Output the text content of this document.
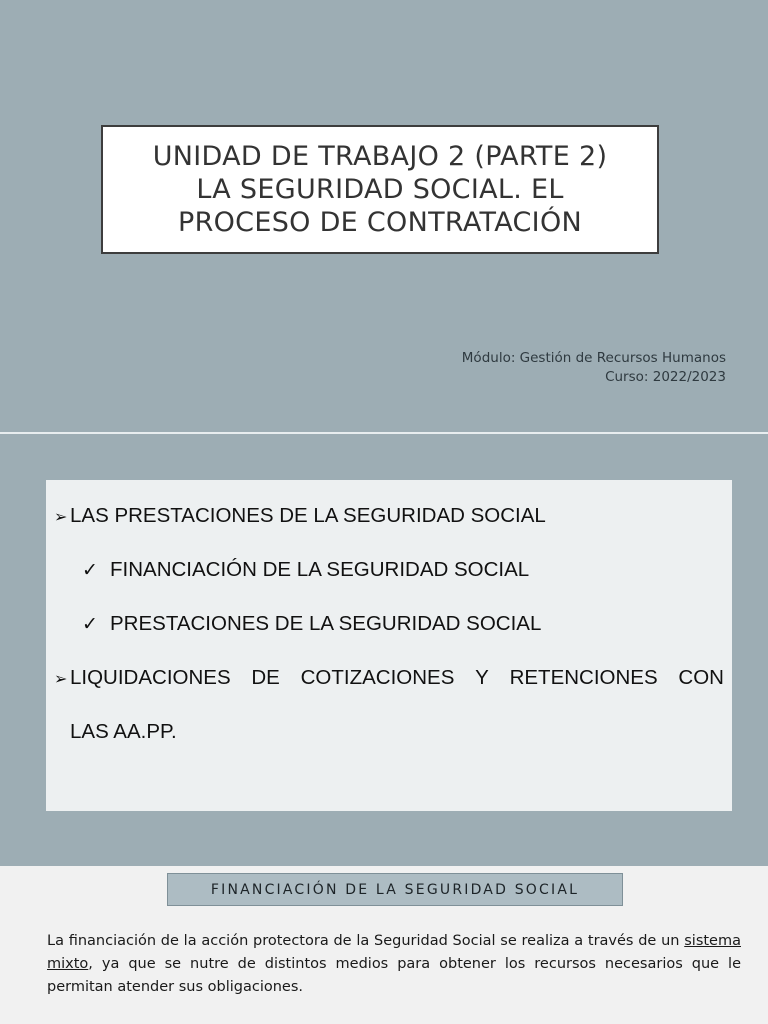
UNIDAD DE TRABAJO 2 (PARTE 2)
LA SEGURIDAD SOCIAL. EL
PROCESO DE CONTRATACIÓN
Módulo: Gestión de Recursos Humanos
Curso: 2022/2023
➢ LAS PRESTACIONES DE LA SEGURIDAD SOCIAL
✓ FINANCIACIÓN DE LA SEGURIDAD SOCIAL
✓ PRESTACIONES DE LA SEGURIDAD SOCIAL
➢ LIQUIDACIONES DE COTIZACIONES Y RETENCIONES CON
LAS AA.PP.
FINANCIACIÓN DE LA SEGURIDAD SOCIAL

La financiación de la acción protectora de la Seguridad Social se realiza a través de un sistema mixto, ya que se nutre de distintos medios para obtener los recursos necesarios que le permitan atender sus obligaciones.
